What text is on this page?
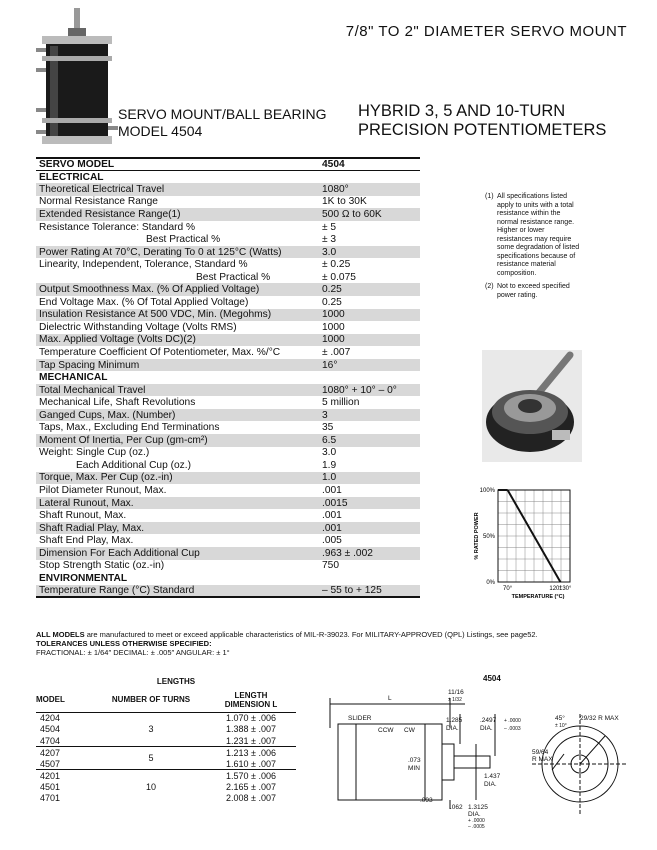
7/8" TO 2" DIAMETER SERVO MOUNT
SERVO MOUNT/BALL BEARING
MODEL 4504
HYBRID 3, 5 AND 10-TURN
PRECISION POTENTIOMETERS
SERVO MODEL	4504
ELECTRICAL	
Theoretical Electrical Travel	1080°
Normal Resistance Range	1K to 30K
Extended Resistance Range(1)	500 Ω to 60K
Resistance Tolerance: Standard %	± 5
Best Practical %	± 3
Power Rating At 70°C, Derating To 0 at 125°C (Watts)	3.0
Linearity, Independent, Tolerance, Standard %	± 0.25
Best Practical %	± 0.075
Output Smoothness Max. (% Of Applied Voltage)	0.25
End Voltage Max. (% Of Total Applied Voltage)	0.25
Insulation Resistance At 500 VDC, Min. (Megohms)	1000
Dielectric Withstanding Voltage (Volts RMS)	1000
Max. Applied Voltage (Volts DC)(2)	1000
Temperature Coefficient Of Potentiometer, Max. %/°C	± .007
Tap Spacing Minimum	16°
MECHANICAL	
Total Mechanical Travel	1080° + 10° – 0°
Mechanical Life, Shaft Revolutions	5 million
Ganged Cups, Max. (Number)	3
Taps, Max., Excluding End Terminations	35
Moment Of Inertia, Per Cup (gm-cm²)	6.5
Weight: Single Cup (oz.)	3.0
Each Additional Cup (oz.)	1.9
Torque, Max. Per Cup (oz.-in)	1.0
Pilot Diameter Runout, Max.	.001
Lateral Runout, Max.	.0015
Shaft Runout, Max.	.001
Shaft Radial Play, Max.	.001
Shaft End Play, Max.	.005
Dimension For Each Additional Cup	.963 ± .002
Stop Strength Static (oz.-in)	750
ENVIRONMENTAL	
Temperature Range (°C) Standard	– 55 to + 125
(1) All specifications listed apply to units with a total resistance within the normal resistance range. Higher or lower resistances may require some degradation of listed specifications because of resistance material composition.
(2) Not to exceed specified power rating.
100%
50%
0%
70°	120°
130°
TEMPERATURE (°C)
% RATED POWER
ALL MODELS are manufactured to meet or exceed applicable characteristics of MIL-R-39023. For MILITARY-APPROVED (QPL) Listings, see page52.
TOLERANCES UNLESS OTHERWISE SPECIFIED:
FRACTIONAL: ± 1/64″ DECIMAL: ± .005″ ANGULAR: ± 1°
LENGTHS		
MODEL	NUMBER OF TURNS	LENGTH
DIMENSION L

4204	3	1.070 ± .006
4504		1.388 ± .007
4704		1.231 ± .007
4207	5	1.213 ± .006
4507		1.610 ± .007
4201	10	1.570 ± .006
4501		2.165 ± .007
4701		2.008 ± .007
4504
L
11/16
± 1/32
SLIDER
CCW CW
1.285
DIA.
.2497 + .0000
DIA. – .0003
.073
MIN
1.437
DIA.
.093
.062 1.3125
DIA.
+ .0000
– .0005
45°
± 10°
29/32 R MAX
59/64
R MAX
